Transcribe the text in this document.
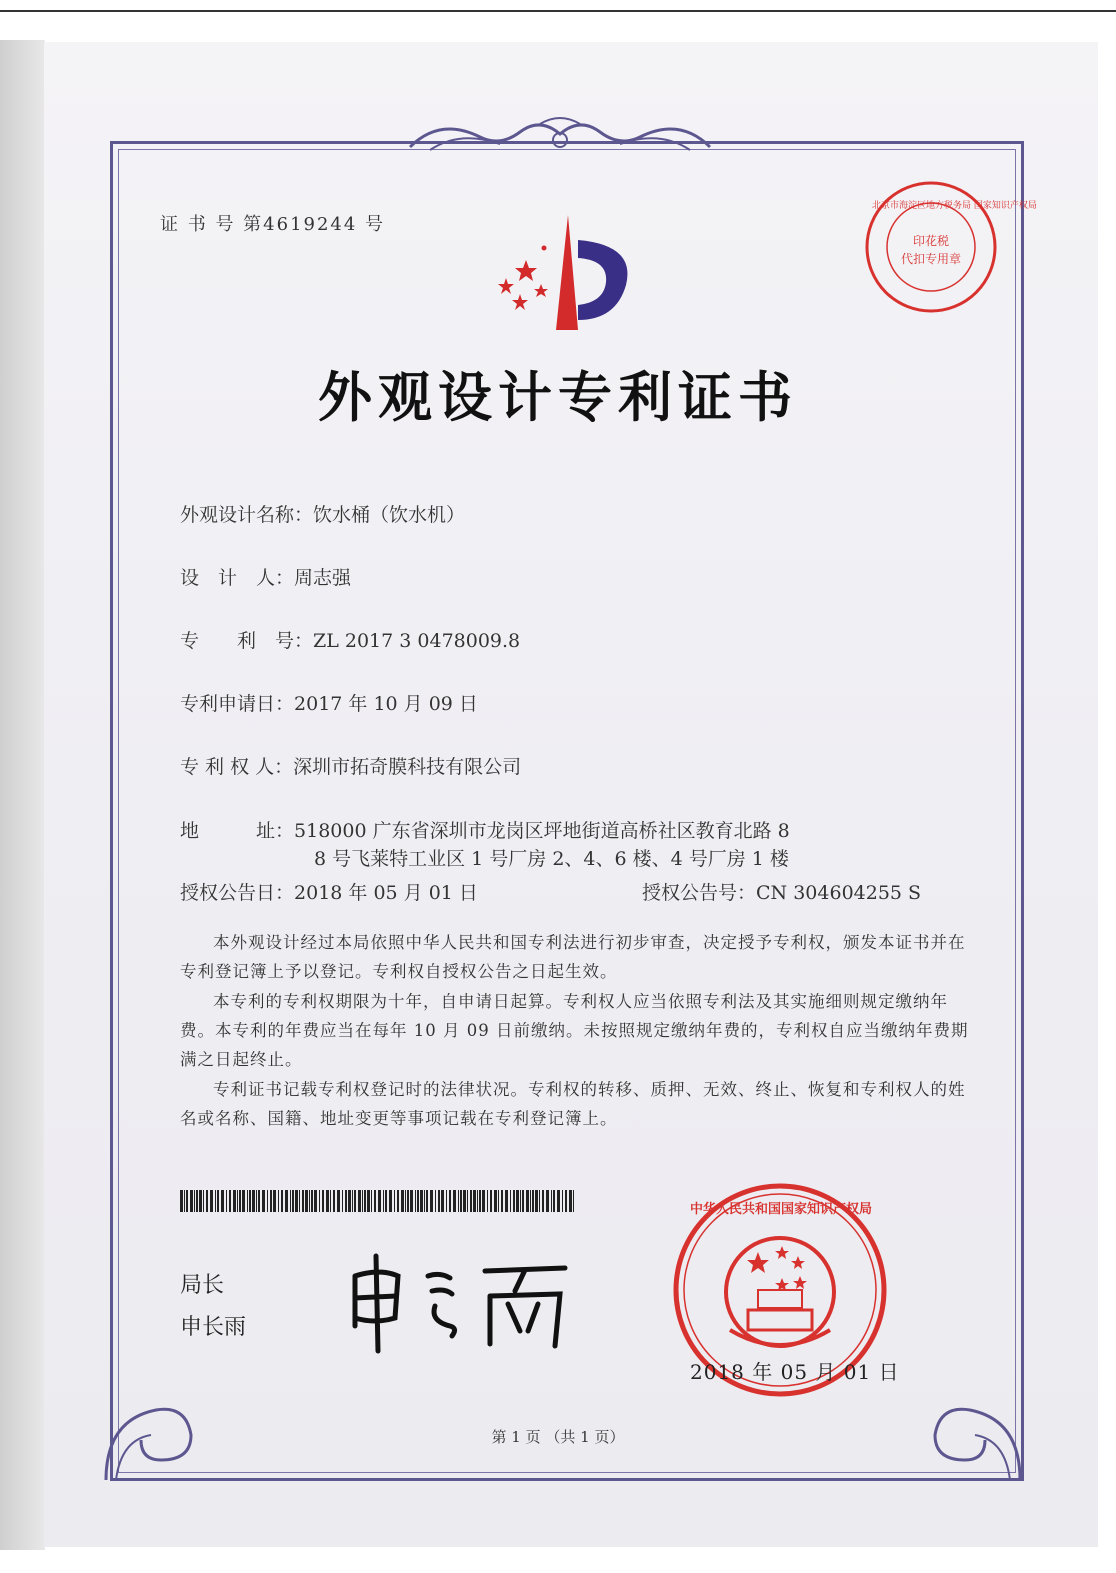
证 书 号 第4619244 号
印花税
代扣专用章
北京市海淀区地方税务局 国家知识产权局
外观设计专利证书
外观设计名称：饮水桶（饮水机）
设　计　人：周志强
专　　利　号：ZL 2017 3 0478009.8
专利申请日：2017 年 10 月 09 日
专 利 权 人：深圳市拓奇膜科技有限公司
地　　　址：518000 广东省深圳市龙岗区坪地街道高桥社区教育北路 8
8 号飞莱特工业区 1 号厂房 2、4、6 楼、4 号厂房 1 楼
授权公告日：2018 年 05 月 01 日	授权公告号：CN 304604255 S
本外观设计经过本局依照中华人民共和国专利法进行初步审查，决定授予专利权，颁发本证书并在专利登记簿上予以登记。专利权自授权公告之日起生效。
本专利的专利权期限为十年，自申请日起算。专利权人应当依照专利法及其实施细则规定缴纳年费。本专利的年费应当在每年 10 月 09 日前缴纳。未按照规定缴纳年费的，专利权自应当缴纳年费期满之日起终止。
专利证书记载专利权登记时的法律状况。专利权的转移、质押、无效、终止、恢复和专利权人的姓名或名称、国籍、地址变更等事项记载在专利登记簿上。
局长
申长雨
中华人民共和国国家知识产权局
2018 年 05 月 01 日
第 1 页 （共 1 页）
